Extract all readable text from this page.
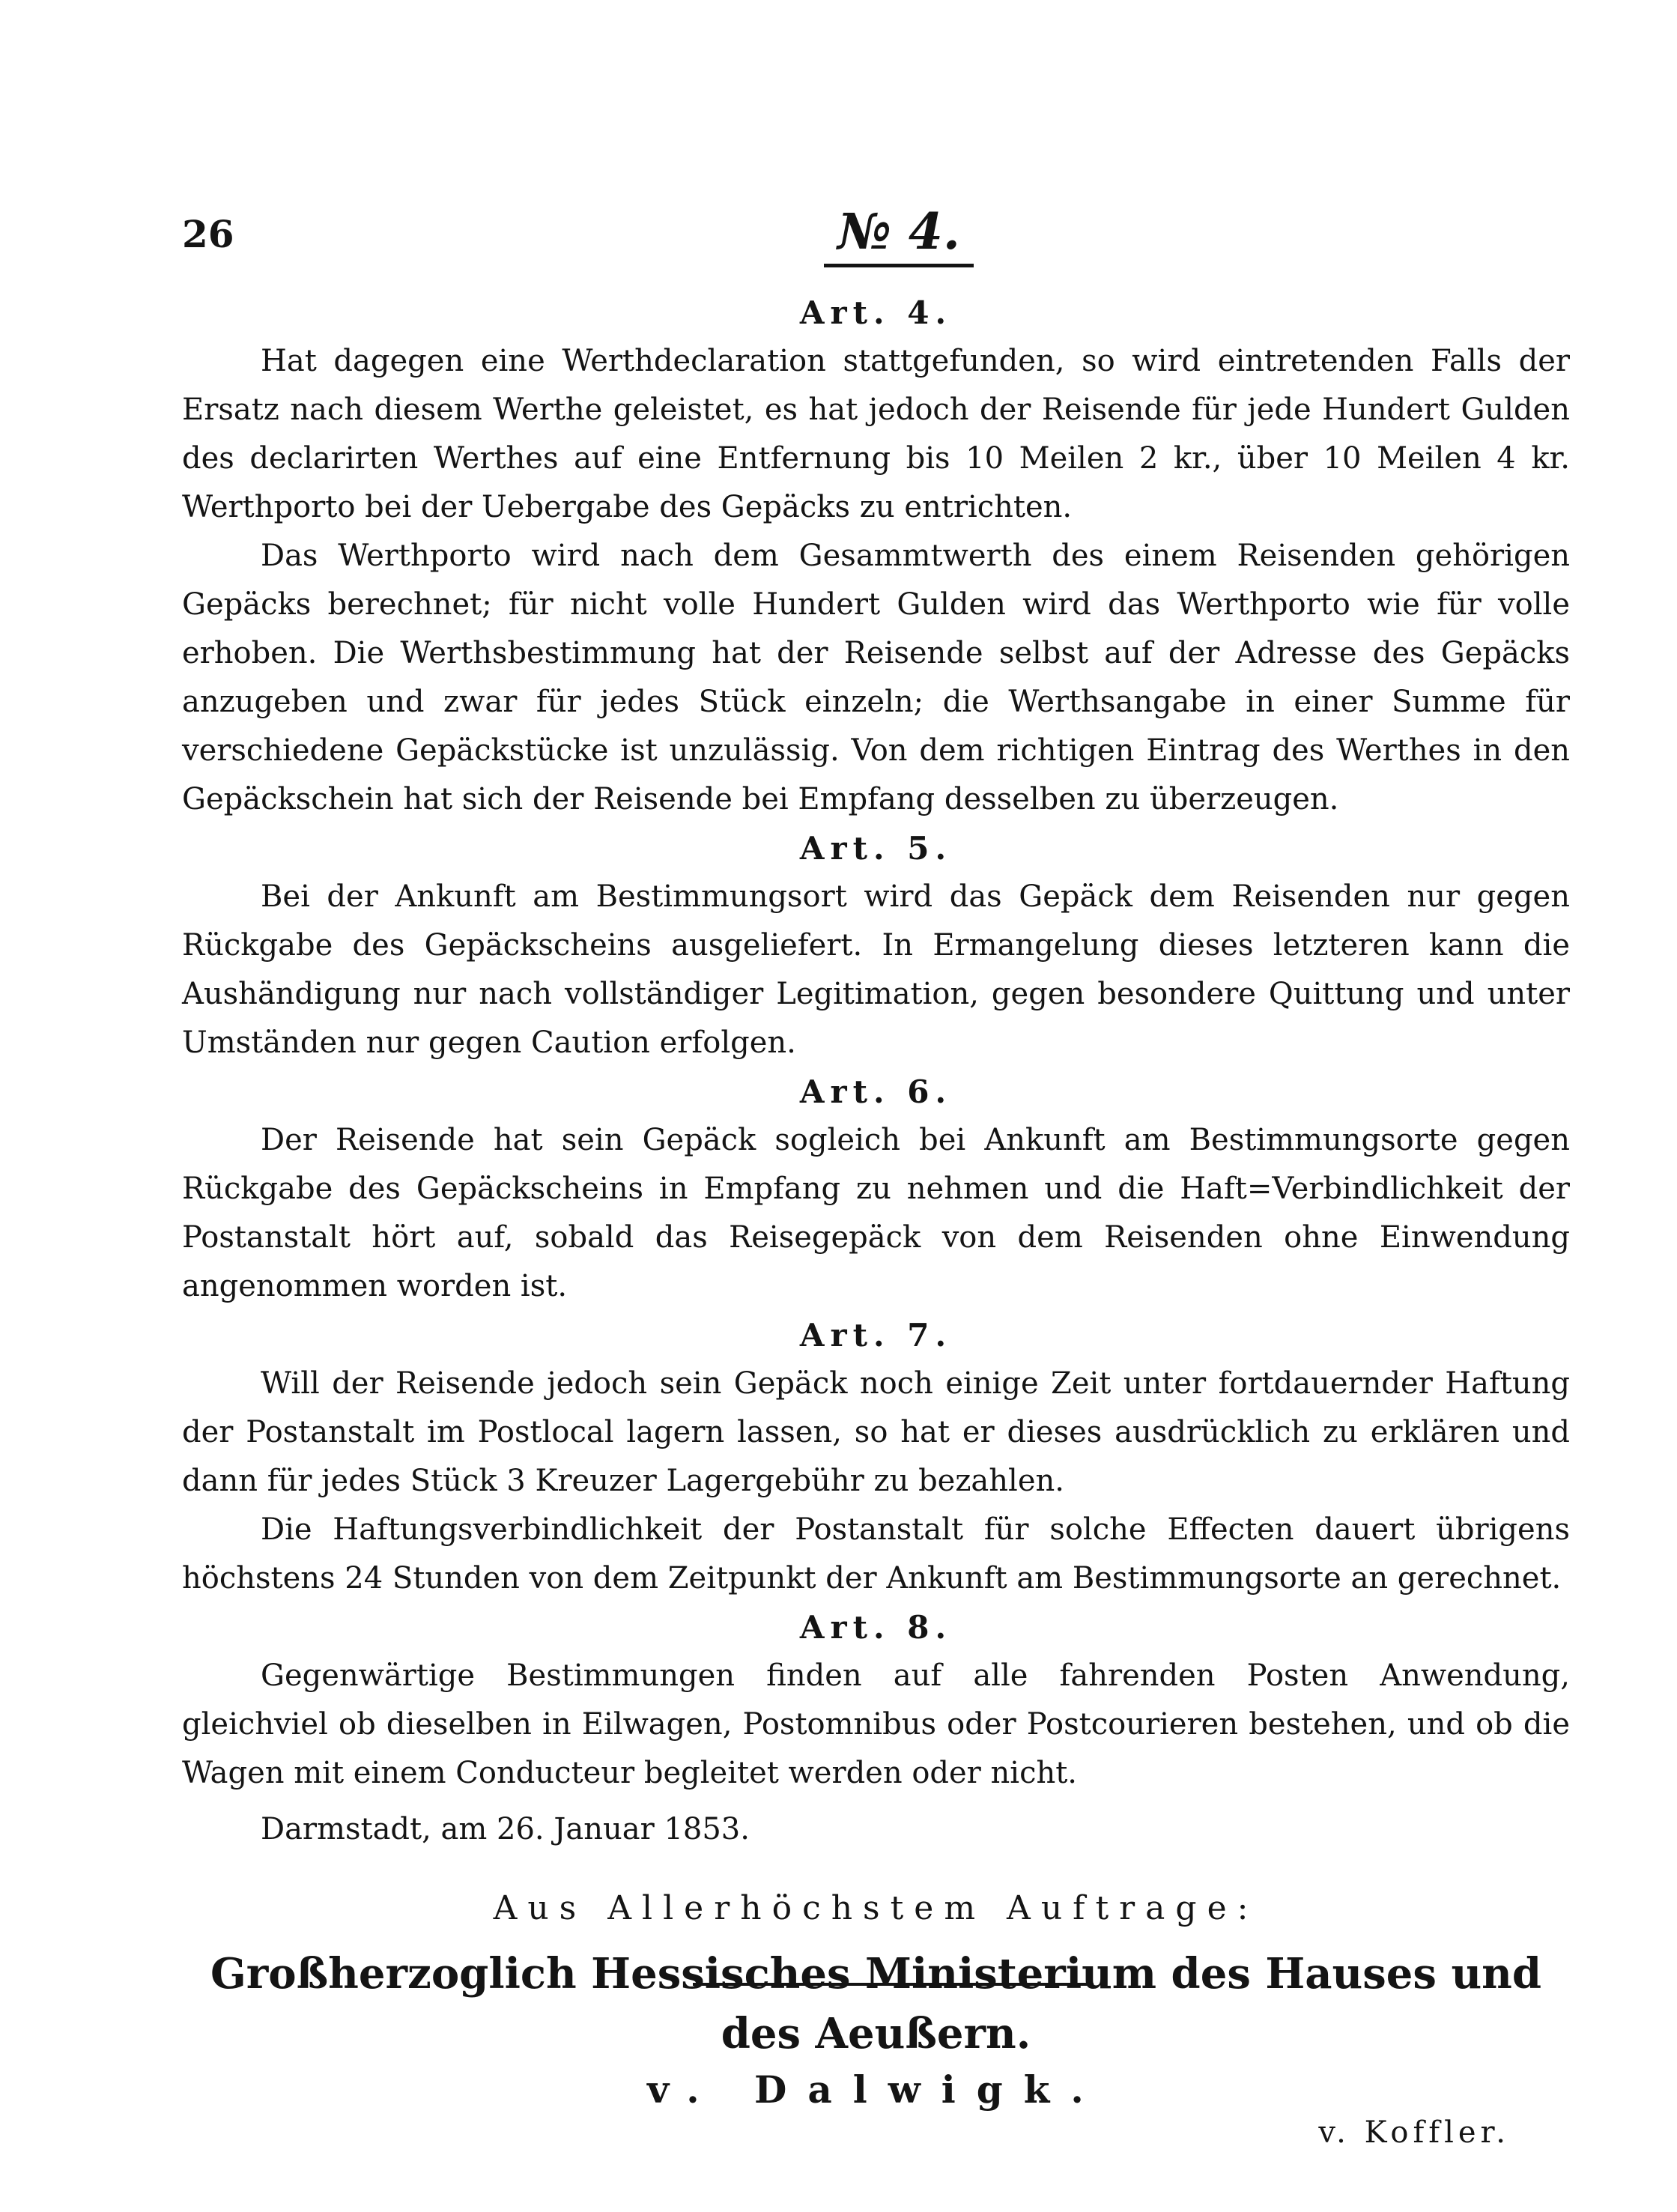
26	№ 4.
Art. 4.

Hat dagegen eine Werthdeclaration stattgefunden, so wird eintretenden Falls der Ersatz nach diesem Werthe geleistet, es hat jedoch der Reisende für jede Hundert Gulden des declarirten Werthes auf eine Entfernung bis 10 Meilen 2 kr., über 10 Meilen 4 kr. Werthporto bei der Uebergabe des Gepäcks zu entrichten.

Das Werthporto wird nach dem Gesammtwerth des einem Reisenden gehörigen Gepäcks berechnet; für nicht volle Hundert Gulden wird das Werthporto wie für volle erhoben. Die Werthsbestimmung hat der Reisende selbst auf der Adresse des Gepäcks anzugeben und zwar für jedes Stück einzeln; die Werthsangabe in einer Summe für verschiedene Gepäckstücke ist unzulässig. Von dem richtigen Eintrag des Werthes in den Gepäckschein hat sich der Reisende bei Empfang desselben zu überzeugen.

Art. 5.

Bei der Ankunft am Bestimmungsort wird das Gepäck dem Reisenden nur gegen Rückgabe des Gepäckscheins ausgeliefert. In Ermangelung dieses letzteren kann die Aushändigung nur nach vollständiger Legitimation, gegen besondere Quittung und unter Umständen nur gegen Caution erfolgen.

Art. 6.

Der Reisende hat sein Gepäck sogleich bei Ankunft am Bestimmungsorte gegen Rückgabe des Gepäckscheins in Empfang zu nehmen und die Haft=Verbindlichkeit der Postanstalt hört auf, sobald das Reisegepäck von dem Reisenden ohne Einwendung angenommen worden ist.

Art. 7.

Will der Reisende jedoch sein Gepäck noch einige Zeit unter fortdauernder Haftung der Postanstalt im Postlocal lagern lassen, so hat er dieses ausdrücklich zu erklären und dann für jedes Stück 3 Kreuzer Lagergebühr zu bezahlen.

Die Haftungsverbindlichkeit der Postanstalt für solche Effecten dauert übrigens höchstens 24 Stunden von dem Zeitpunkt der Ankunft am Bestimmungsorte an gerechnet.

Art. 8.

Gegenwärtige Bestimmungen finden auf alle fahrenden Posten Anwendung, gleichviel ob dieselben in Eilwagen, Postomnibus oder Postcourieren bestehen, und ob die Wagen mit einem Conducteur begleitet werden oder nicht.

Darmstadt, am 26. Januar 1853.

Aus Allerhöchstem Auftrage:
Großherzoglich Hessisches Ministerium des Hauses und des Aeußern.
v. Dalwigk.
v. Koffler.
